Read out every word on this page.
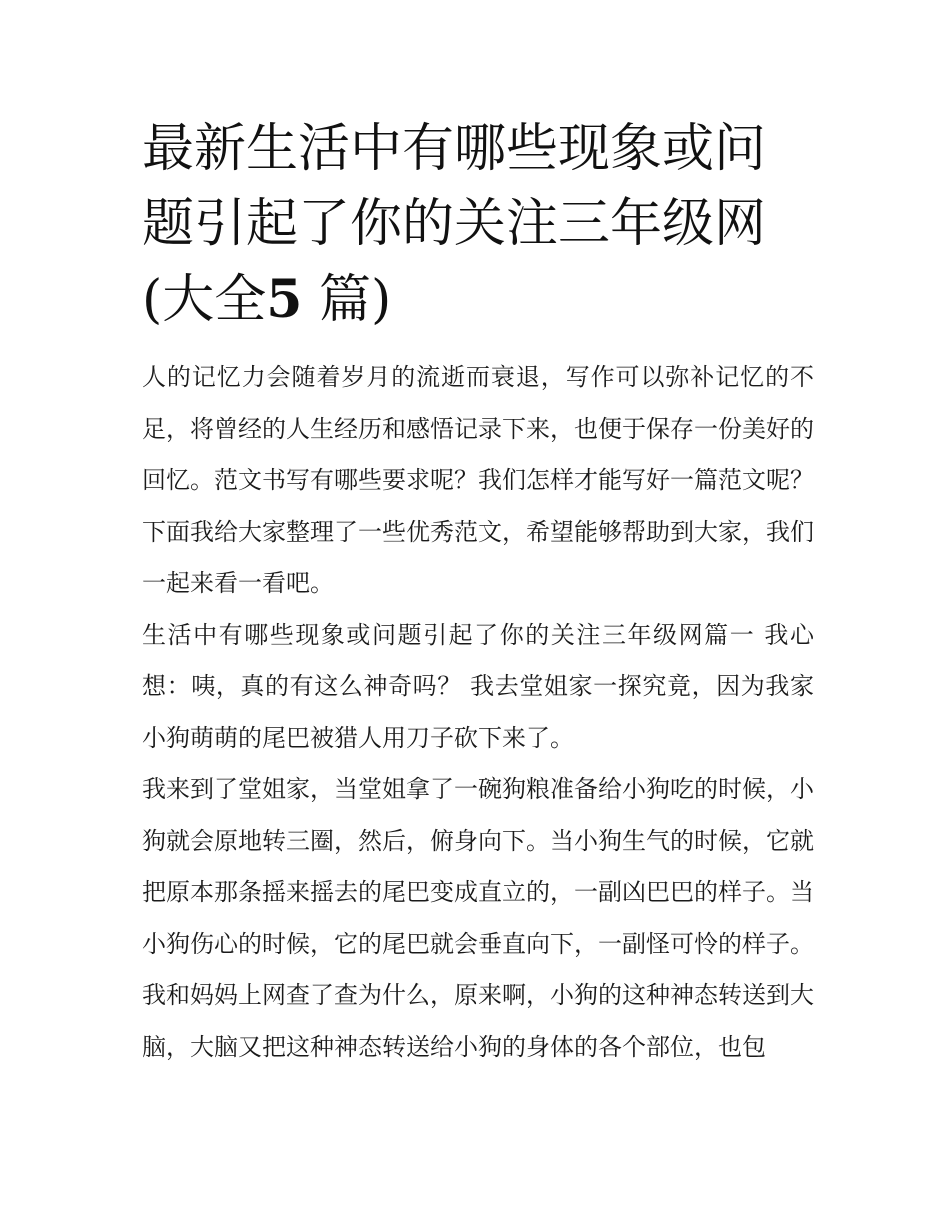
最新生活中有哪些现象或问题引起了你的关注三年级网(大全5 篇)

人的记忆力会随着岁月的流逝而衰退，写作可以弥补记忆的不足，将曾经的人生经历和感悟记录下来，也便于保存一份美好的回忆。范文书写有哪些要求呢？我们怎样才能写好一篇范文呢？下面我给大家整理了一些优秀范文，希望能够帮助到大家，我们一起来看一看吧。

生活中有哪些现象或问题引起了你的关注三年级网篇一 我心想：咦，真的有这么神奇吗？ 我去堂姐家一探究竟，因为我家小狗萌萌的尾巴被猎人用刀子砍下来了。

我来到了堂姐家，当堂姐拿了一碗狗粮准备给小狗吃的时候，小狗就会原地转三圈，然后，俯身向下。当小狗生气的时候，它就把原本那条摇来摇去的尾巴变成直立的，一副凶巴巴的样子。当小狗伤心的时候，它的尾巴就会垂直向下，一副怪可怜的样子。

我和妈妈上网查了查为什么，原来啊，小狗的这种神态转送到大脑，大脑又把这种神态转送给小狗的身体的各个部位，也包
